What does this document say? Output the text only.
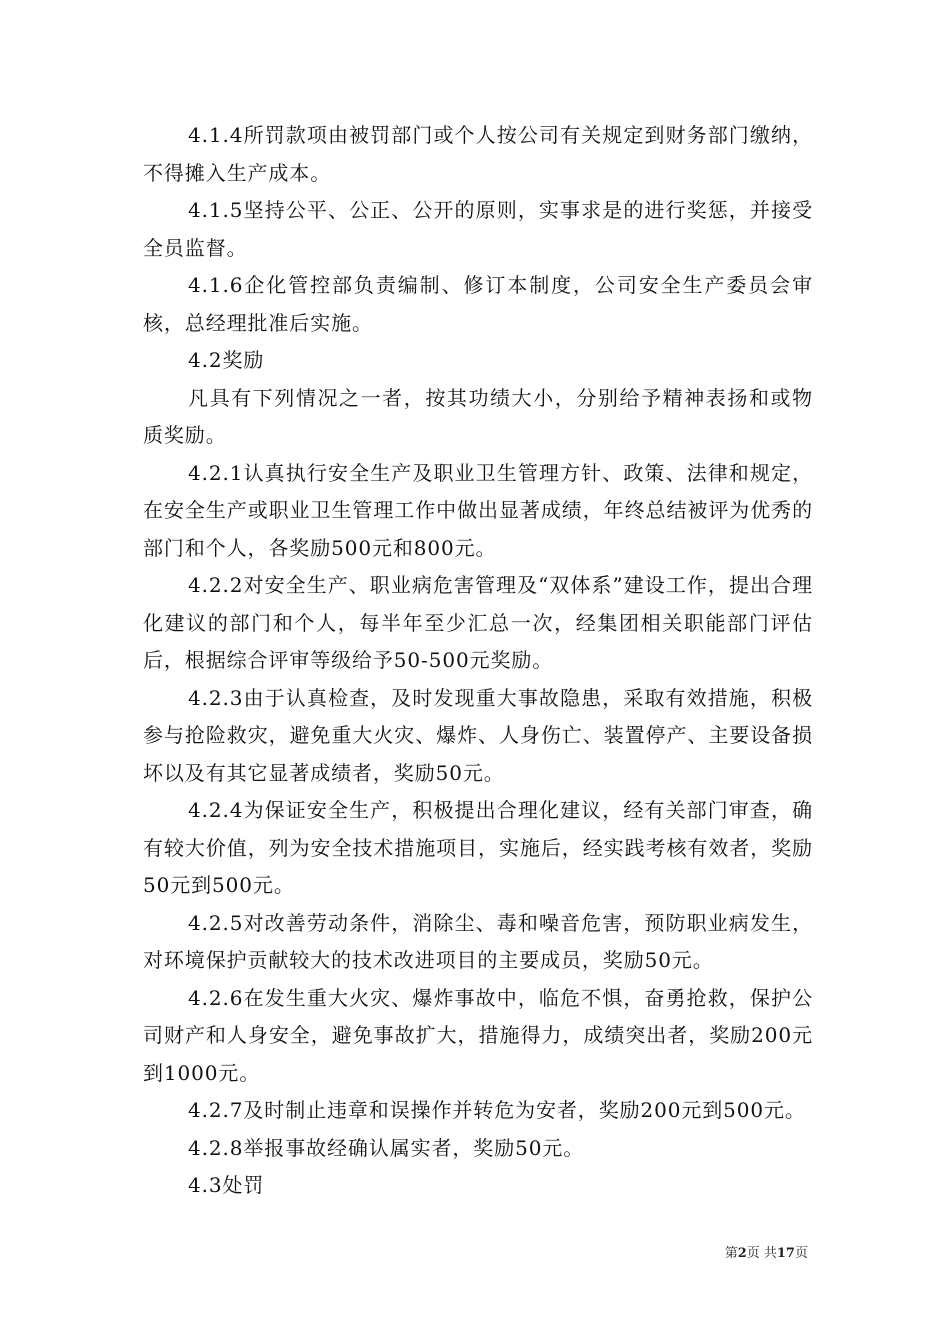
4.1.4所罚款项由被罚部门或个人按公司有关规定到财务部门缴纳，不得摊入生产成本。

4.1.5坚持公平、公正、公开的原则，实事求是的进行奖惩，并接受全员监督。

4.1.6企化管控部负责编制、修订本制度，公司安全生产委员会审核，总经理批准后实施。

4.2奖励

凡具有下列情况之一者，按其功绩大小，分别给予精神表扬和或物质奖励。

4.2.1认真执行安全生产及职业卫生管理方针、政策、法律和规定，在安全生产或职业卫生管理工作中做出显著成绩，年终总结被评为优秀的部门和个人，各奖励500元和800元。

4.2.2对安全生产、职业病危害管理及“双体系”建设工作，提出合理化建议的部门和个人，每半年至少汇总一次，经集团相关职能部门评估后，根据综合评审等级给予50-500元奖励。

4.2.3由于认真检查，及时发现重大事故隐患，采取有效措施，积极参与抢险救灾，避免重大火灾、爆炸、人身伤亡、装置停产、主要设备损坏以及有其它显著成绩者，奖励50元。

4.2.4为保证安全生产，积极提出合理化建议，经有关部门审查，确有较大价值，列为安全技术措施项目，实施后，经实践考核有效者，奖励50元到500元。

4.2.5对改善劳动条件，消除尘、毒和噪音危害，预防职业病发生，对环境保护贡献较大的技术改进项目的主要成员，奖励50元。

4.2.6在发生重大火灾、爆炸事故中，临危不惧，奋勇抢救，保护公司财产和人身安全，避免事故扩大，措施得力，成绩突出者，奖励200元到1000元。

4.2.7及时制止违章和误操作并转危为安者，奖励200元到500元。

4.2.8举报事故经确认属实者，奖励50元。

4.3处罚

第2页 共17页
